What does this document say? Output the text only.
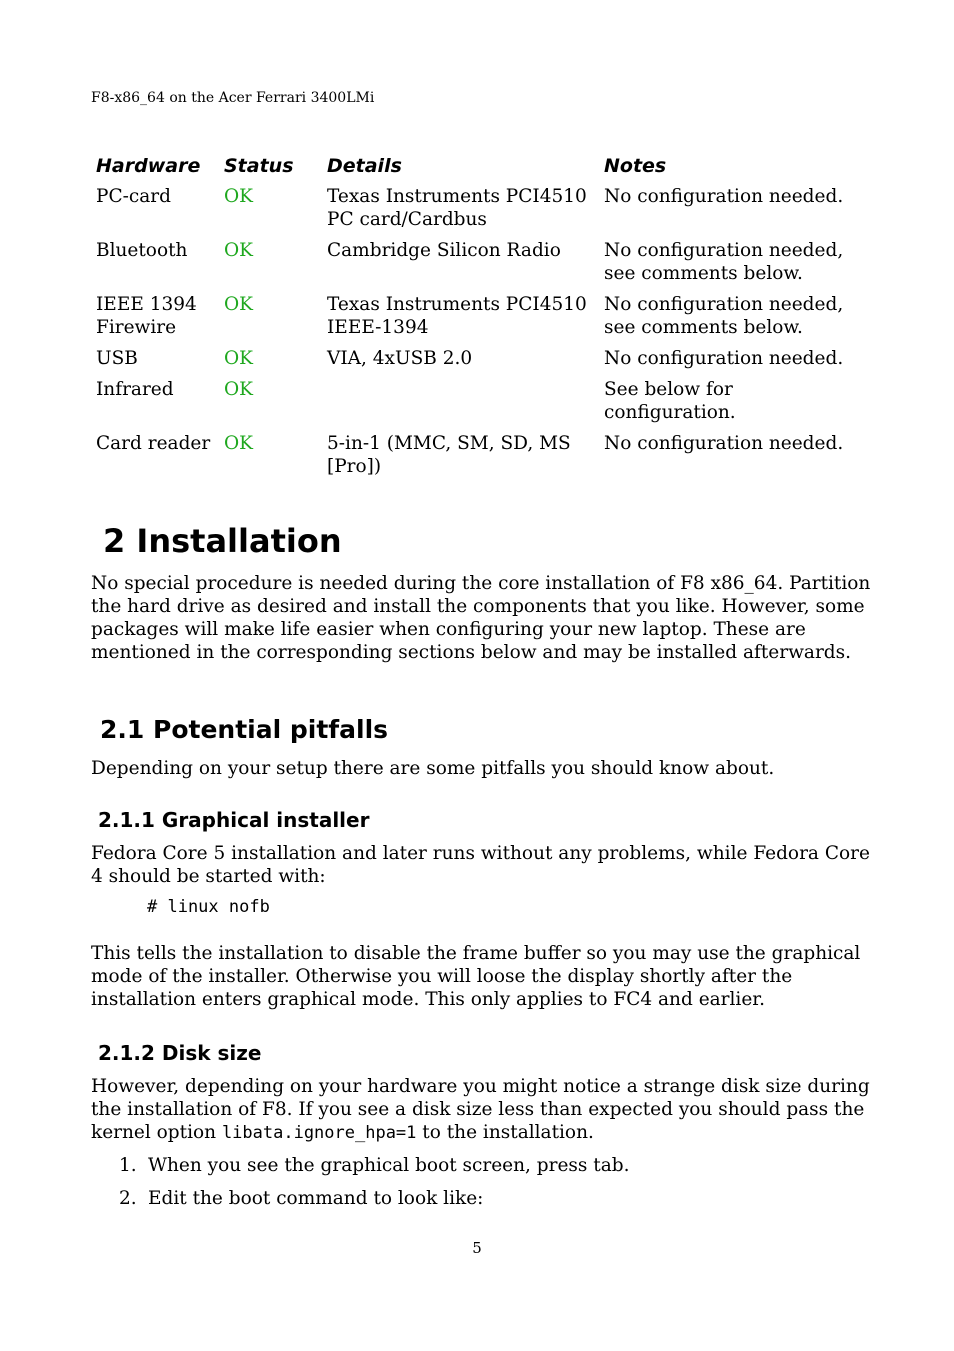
F8-x86_64 on the Acer Ferrari 3400LMi
Hardware	Status	Details	Notes
PC-card	OK	Texas Instruments PCI4510 PC card/Cardbus	No configuration needed.
Bluetooth	OK	Cambridge Silicon Radio	No configuration needed, see comments below.
IEEE 1394 Firewire	OK	Texas Instruments PCI4510 IEEE-1394	No configuration needed, see comments below.
USB	OK	VIA, 4xUSB 2.0	No configuration needed.
Infrared	OK		See below for configuration.
Card reader	OK	5-in-1 (MMC, SM, SD, MS [Pro])	No configuration needed.
2 Installation

No special procedure is needed during the core installation of F8 x86_64. Partition the hard drive as desired and install the components that you like. However, some packages will make life easier when configuring your new laptop. These are mentioned in the corresponding sections below and may be installed afterwards.

2.1 Potential pitfalls

Depending on your setup there are some pitfalls you should know about.

2.1.1 Graphical installer

Fedora Core 5 installation and later runs without any problems, while Fedora Core 4 should be started with:

# linux nofb

This tells the installation to disable the frame buffer so you may use the graphical mode of the installer. Otherwise you will loose the display shortly after the installation enters graphical mode. This only applies to FC4 and earlier.

2.1.2 Disk size

However, depending on your hardware you might notice a strange disk size during the installation of F8. If you see a disk size less than expected you should pass the kernel option libata.ignore_hpa=1 to the installation.

1. When you see the graphical boot screen, press tab.
2. Edit the boot command to look like:
5
